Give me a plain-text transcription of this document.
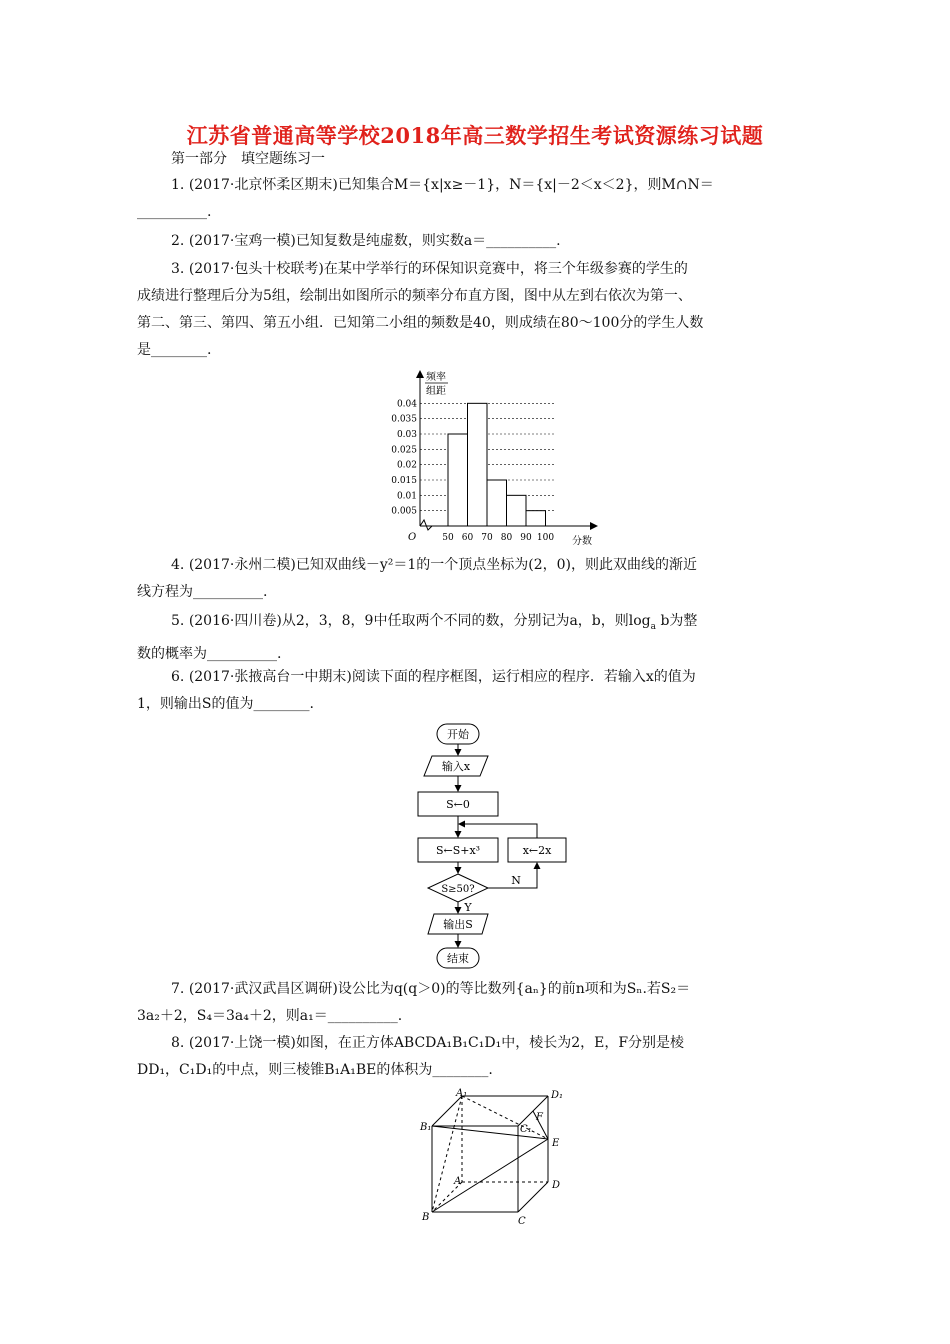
江苏省普通高等学校2018年高三数学招生考试资源练习试题
第一部分　填空题练习一

1. (2017·北京怀柔区期末)已知集合M＝{x|x≥－1}，N＝{x|－2＜x＜2}，则M∩N＝
__________.

2. (2017·宝鸡一模)已知复数是纯虚数，则实数a＝__________.

3. (2017·包头十校联考)在某中学举行的环保知识竞赛中，将三个年级参赛的学生的
成绩进行整理后分为5组，绘制出如图所示的频率分布直方图，图中从左到右依次为第一、
第二、第三、第四、第五小组．已知第二小组的频数是40，则成绩在80～100分的学生人数
是________.

频率
组距
分数
O
0.04
0.035
0.03
0.025
0.02
0.015
0.01
0.005
50 60 70 80 90 100

4. (2017·永州二模)已知双曲线－y²＝1的一个顶点坐标为(2，0)，则此双曲线的渐近
线方程为__________.

5. (2016·四川卷)从2，3，8，9中任取两个不同的数，分别记为a，b，则$\log_a b$为整
数的概率为__________.

6. (2017·张掖高台一中期末)阅读下面的程序框图，运行相应的程序．若输入x的值为
1，则输出S的值为________.

开始
输入x
S←0
S←S+x³	x←2x
S≥50?
N
Y
输出S
结束

7. (2017·武汉武昌区调研)设公比为q(q＞0)的等比数列{aₙ}的前n项和为Sₙ.若S₂＝
3a₂＋2，S₄＝3a₄＋2，则a₁＝__________.

8. (2017·上饶一模)如图，在正方体ABCDA₁B₁C₁D₁中，棱长为2，E，F分别是棱
DD₁，C₁D₁的中点，则三棱锥B₁A₁BE的体积为________.

A₁	D₁
B₁	C₁
F
E
A	D
B	C
